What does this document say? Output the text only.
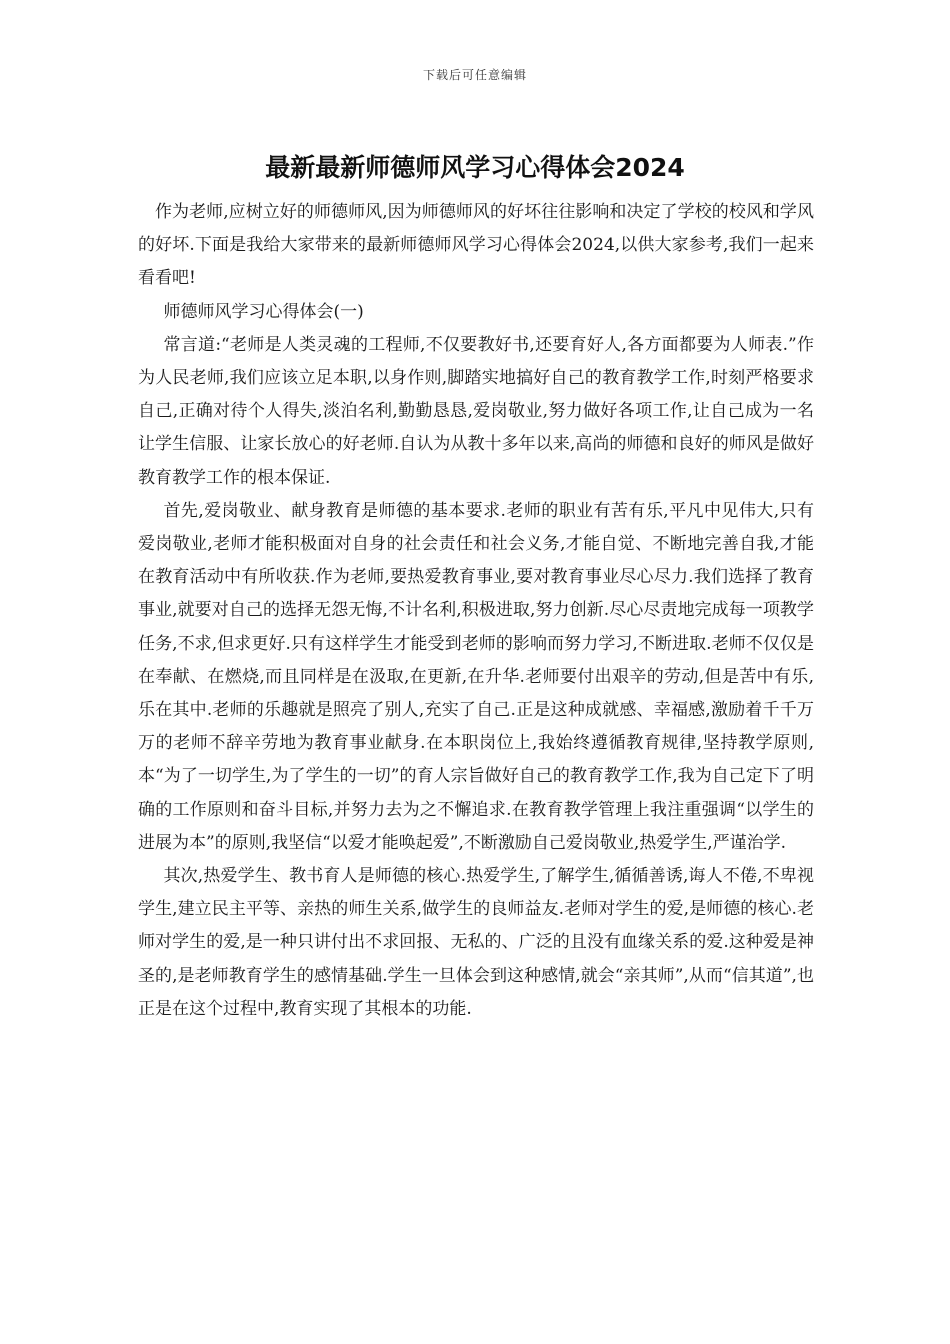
下载后可任意编辑
最新最新师德师风学习心得体会2024

作为老师,应树立好的师德师风,因为师德师风的好坏往往影响和决定了学校的校风和学风的好坏.下面是我给大家带来的最新师德师风学习心得体会2024,以供大家参考,我们一起来看看吧!

师德师风学习心得体会(一)

常言道:“老师是人类灵魂的工程师,不仅要教好书,还要育好人,各方面都要为人师表.”作为人民老师,我们应该立足本职,以身作则,脚踏实地搞好自己的教育教学工作,时刻严格要求自己,正确对待个人得失,淡泊名利,勤勤恳恳,爱岗敬业,努力做好各项工作,让自己成为一名让学生信服、让家长放心的好老师.自认为从教十多年以来,高尚的师德和良好的师风是做好教育教学工作的根本保证.

首先,爱岗敬业、献身教育是师德的基本要求.老师的职业有苦有乐,平凡中见伟大,只有爱岗敬业,老师才能积极面对自身的社会责任和社会义务,才能自觉、不断地完善自我,才能在教育活动中有所收获.作为老师,要热爱教育事业,要对教育事业尽心尽力.我们选择了教育事业,就要对自己的选择无怨无悔,不计名利,积极进取,努力创新.尽心尽责地完成每一项教学任务,不求,但求更好.只有这样学生才能受到老师的影响而努力学习,不断进取.老师不仅仅是在奉献、在燃烧,而且同样是在汲取,在更新,在升华.老师要付出艰辛的劳动,但是苦中有乐,乐在其中.老师的乐趣就是照亮了别人,充实了自己.正是这种成就感、幸福感,激励着千千万万的老师不辞辛劳地为教育事业献身.在本职岗位上,我始终遵循教育规律,坚持教学原则,本“为了一切学生,为了学生的一切”的育人宗旨做好自己的教育教学工作,我为自己定下了明确的工作原则和奋斗目标,并努力去为之不懈追求.在教育教学管理上我注重强调“以学生的进展为本”的原则,我坚信“以爱才能唤起爱”,不断激励自己爱岗敬业,热爱学生,严谨治学.

其次,热爱学生、教书育人是师德的核心.热爱学生,了解学生,循循善诱,诲人不倦,不卑视学生,建立民主平等、亲热的师生关系,做学生的良师益友.老师对学生的爱,是师德的核心.老师对学生的爱,是一种只讲付出不求回报、无私的、广泛的且没有血缘关系的爱.这种爱是神圣的,是老师教育学生的感情基础.学生一旦体会到这种感情,就会“亲其师”,从而“信其道”,也正是在这个过程中,教育实现了其根本的功能.
